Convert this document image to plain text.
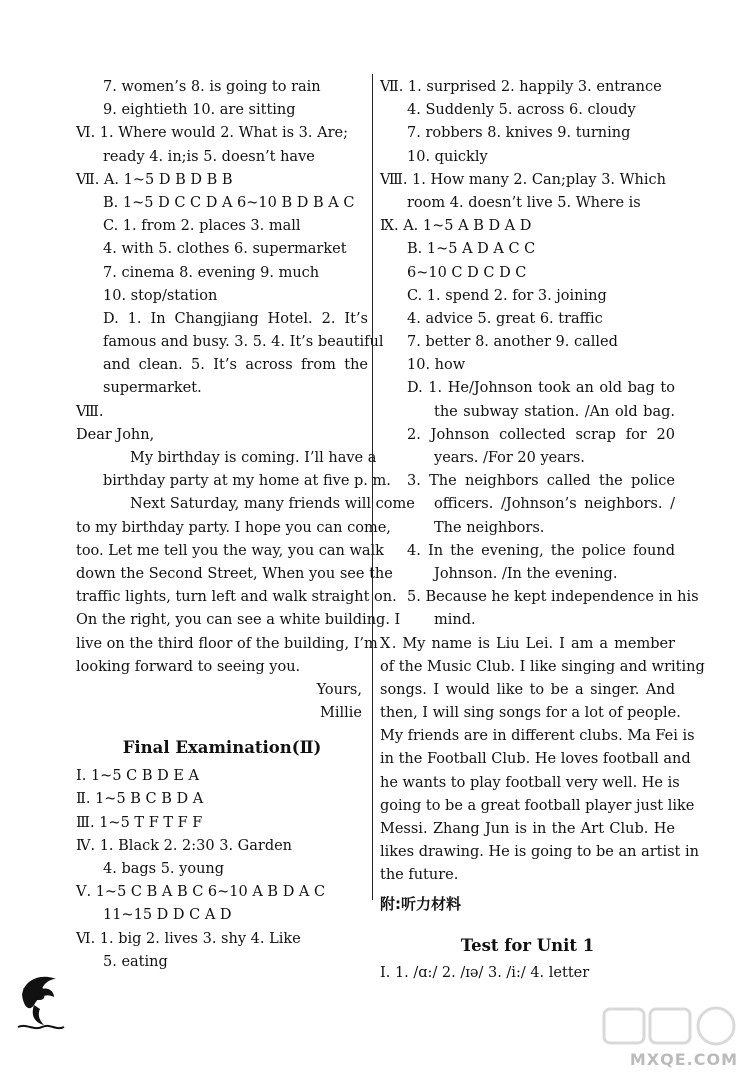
7. women’s 8. is going to rain
9. eightieth 10. are sitting
Ⅵ. 1. Where would 2. What is 3. Are;
ready 4. in;is 5. doesn’t have
Ⅶ. A. 1~5 D B D B B
B. 1~5 D C C D A 6~10 B D B A C
C. 1. from 2. places 3. mall
4. with 5. clothes 6. supermarket
7. cinema 8. evening 9. much
10. stop/station
D. 1. In Changjiang Hotel. 2. It’s
famous and busy. 3. 5. 4. It’s beautiful
and clean. 5. It’s across from the
supermarket.
Ⅷ.
Dear John,
My birthday is coming. I’ll have a
birthday party at my home at five p. m.
Next Saturday, many friends will come
to my birthday party. I hope you can come,
too. Let me tell you the way, you can walk
down the Second Street, When you see the
traffic lights, turn left and walk straight on.
On the right, you can see a white building. I
live on the third floor of the building, I’m
looking forward to seeing you.
Yours,
Millie
Final Examination(Ⅱ)
Ⅰ. 1~5 C B D E A
Ⅱ. 1~5 B C B D A
Ⅲ. 1~5 T F T F F
Ⅳ. 1. Black 2. 2:30 3. Garden
4. bags 5. young
Ⅴ. 1~5 C B A B C 6~10 A B D A C
11~15 D D C A D
Ⅵ. 1. big 2. lives 3. shy 4. Like
5. eating
Ⅶ. 1. surprised 2. happily 3. entrance
4. Suddenly 5. across 6. cloudy
7. robbers 8. knives 9. turning
10. quickly
Ⅷ. 1. How many 2. Can;play 3. Which
room 4. doesn’t live 5. Where is
Ⅸ. A. 1~5 A B D A D
B. 1~5 A D A C C
6~10 C D C D C
C. 1. spend 2. for 3. joining
4. advice 5. great 6. traffic
7. better 8. another 9. called
10. how
D. 1. He/Johnson took an old bag to
the subway station. /An old bag.
2. Johnson collected scrap for 20
years. /For 20 years.
3. The neighbors called the police
officers. /Johnson’s neighbors. /
The neighbors.
4. In the evening, the police found
Johnson. /In the evening.
5. Because he kept independence in his
mind.
Ⅹ. My name is Liu Lei. I am a member
of the Music Club. I like singing and writing
songs. I would like to be a singer. And
then, I will sing songs for a lot of people.
My friends are in different clubs. Ma Fei is
in the Football Club. He loves football and
he wants to play football very well. He is
going to be a great football player just like
Messi. Zhang Jun is in the Art Club. He
likes drawing. He is going to be an artist in
the future.
附:听力材料
Test for Unit 1
Ⅰ. 1. /ɑ:/ 2. /ɪə/ 3. /i:/ 4. letter
23
MXQE.COM
